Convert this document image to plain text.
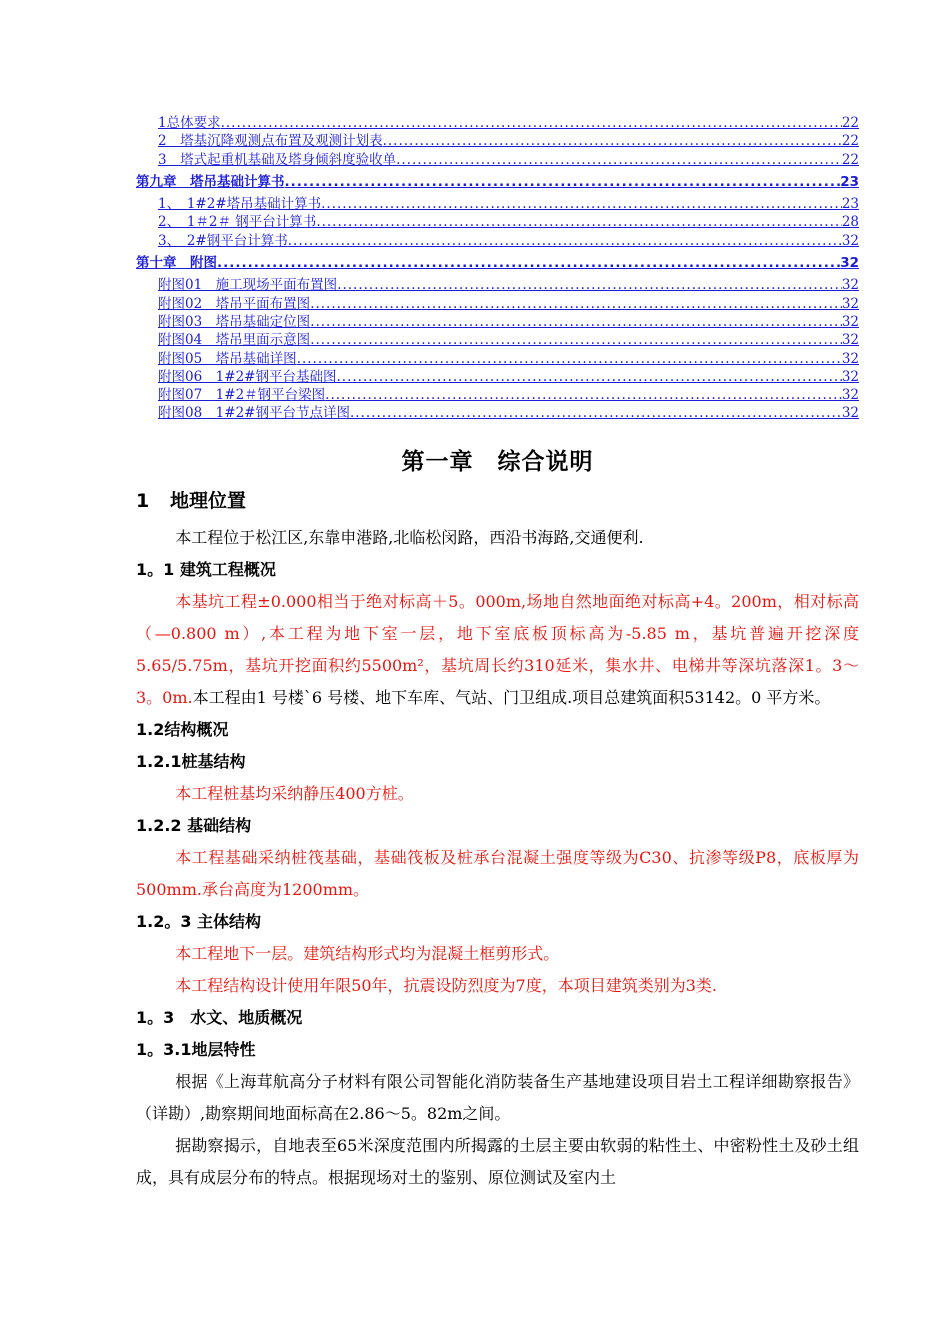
1总体要求 .....	22
2　塔基沉降观测点布置及观测计划表 .....	22
3　塔式起重机基础及塔身倾斜度验收单 .....	22
第九章　塔吊基础计算书 .....	23
1、　1#2#塔吊基础计算书 .....	23
2、　1＃2＃ 钢平台计算书 .....	28
3、　2#钢平台计算书 .....	32
第十章　附图 .....	32
附图01　施工现场平面布置图 .....	32
附图02　塔吊平面布置图 .....	32
附图03　塔吊基础定位图 .....	32
附图04　塔吊里面示意图 .....	32
附图05　塔吊基础详图 .....	32
附图06　1#2#钢平台基础图 .....	32
附图07　1#2＃钢平台梁图 .....	32
附图08　1#2#钢平台节点详图 .....	32
第一章　综合说明
1	地理位置
本工程位于松江区,东靠申港路,北临松闵路，西沿书海路,交通便利.
1。1 建筑工程概况
本基坑工程±0.000相当于绝对标高＋5。000m,场地自然地面绝对标高+4。200m，相对标高（—0.800 m）,本工程为地下室一层，地下室底板顶标高为-5.85 m，基坑普遍开挖深度5.65/5.75m，基坑开挖面积约5500m²，基坑周长约310延米，集水井、电梯井等深坑落深1。3～3。0m.本工程由1 号楼`6 号楼、地下车库、气站、门卫组成.项目总建筑面积53142。0 平方米。
1.2结构概况
1.2.1桩基结构
本工程桩基均采纳静压400方桩。
1.2.2 基础结构
本工程基础采纳桩筏基础，基础筏板及桩承台混凝土强度等级为C30、抗渗等级P8，底板厚为500mm.承台高度为1200mm。
1.2。3 主体结构
本工程地下一层。建筑结构形式均为混凝土框剪形式。
本工程结构设计使用年限50年，抗震设防烈度为7度，本项目建筑类别为3类.
1。3　水文、地质概况
1。3.1地层特性
根据《上海茸航高分子材料有限公司智能化消防装备生产基地建设项目岩土工程详细勘察报告》（详勘）,勘察期间地面标高在2.86～5。82m之间。
据勘察揭示，自地表至65米深度范围内所揭露的土层主要由软弱的粘性土、中密粉性土及砂土组成，具有成层分布的特点。根据现场对土的鉴别、原位测试及室内土
